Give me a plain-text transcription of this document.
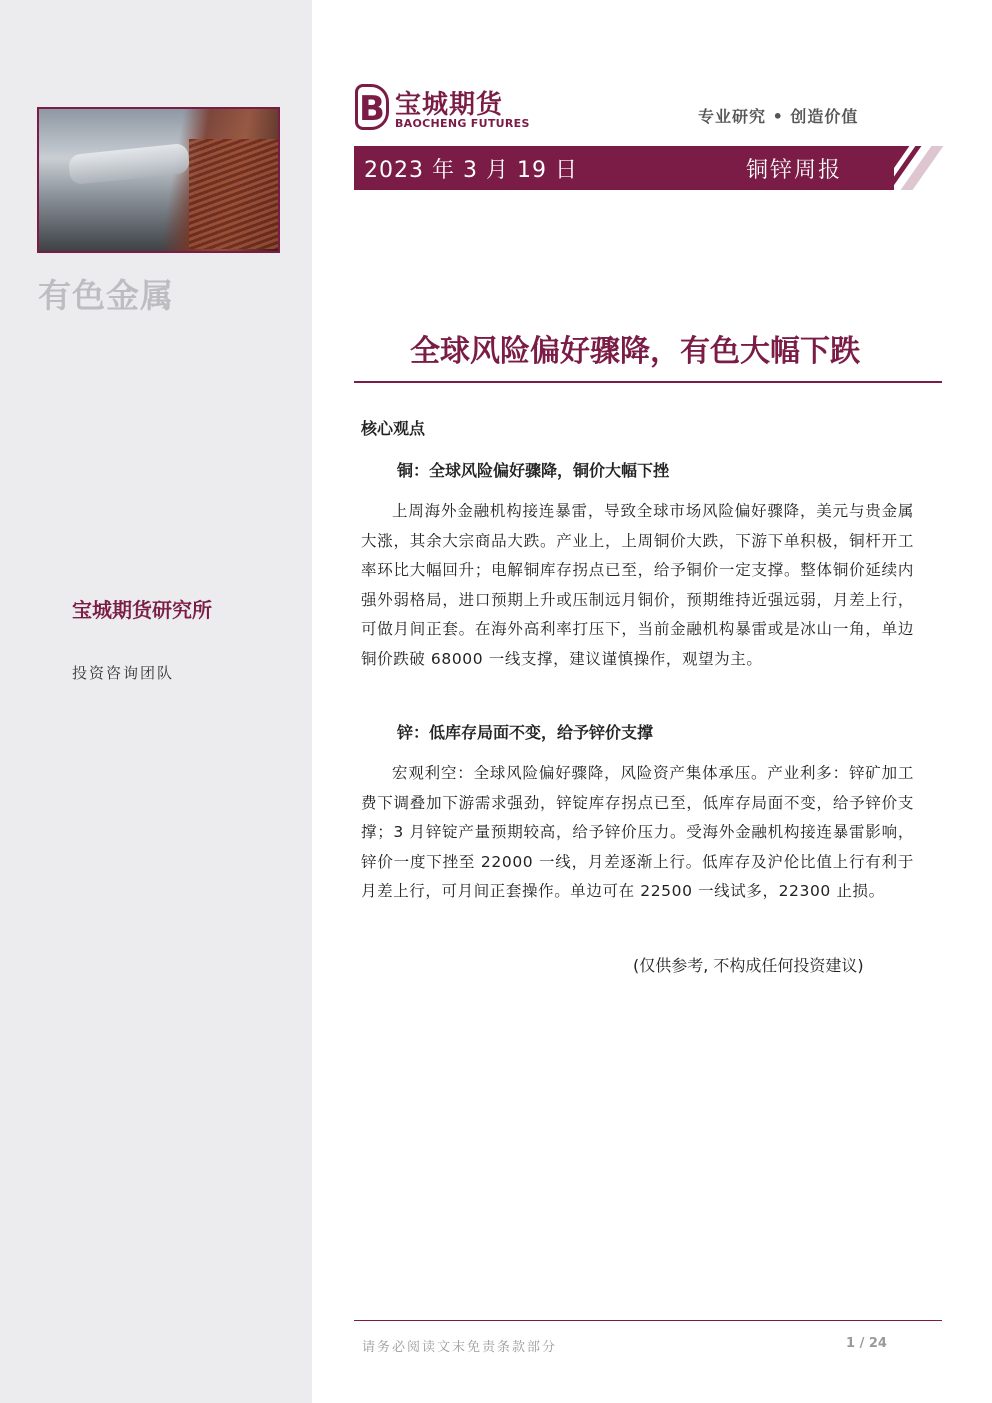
有色金属
宝城期货研究所
投资咨询团队
B 宝城期货
BAOCHENG FUTURES	专业研究 • 创造价值
2023 年 3 月 19 日	铜锌周报
全球风险偏好骤降，有色大幅下跌
核心观点
铜：全球风险偏好骤降，铜价大幅下挫

上周海外金融机构接连暴雷，导致全球市场风险偏好骤降，美元与贵金属大涨，其余大宗商品大跌。产业上，上周铜价大跌，下游下单积极，铜杆开工率环比大幅回升；电解铜库存拐点已至，给予铜价一定支撑。整体铜价延续内强外弱格局，进口预期上升或压制远月铜价，预期维持近强远弱，月差上行，可做月间正套。在海外高利率打压下，当前金融机构暴雷或是冰山一角，单边铜价跌破 68000 一线支撑，建议谨慎操作，观望为主。

锌：低库存局面不变，给予锌价支撑

宏观利空：全球风险偏好骤降，风险资产集体承压。产业利多：锌矿加工费下调叠加下游需求强劲，锌锭库存拐点已至，低库存局面不变，给予锌价支撑；3 月锌锭产量预期较高，给予锌价压力。受海外金融机构接连暴雷影响，锌价一度下挫至 22000 一线，月差逐渐上行。低库存及沪伦比值上行有利于月差上行，可月间正套操作。单边可在 22500 一线试多，22300 止损。

(仅供参考, 不构成任何投资建议)
请务必阅读文末免责条款部分	1 / 24
